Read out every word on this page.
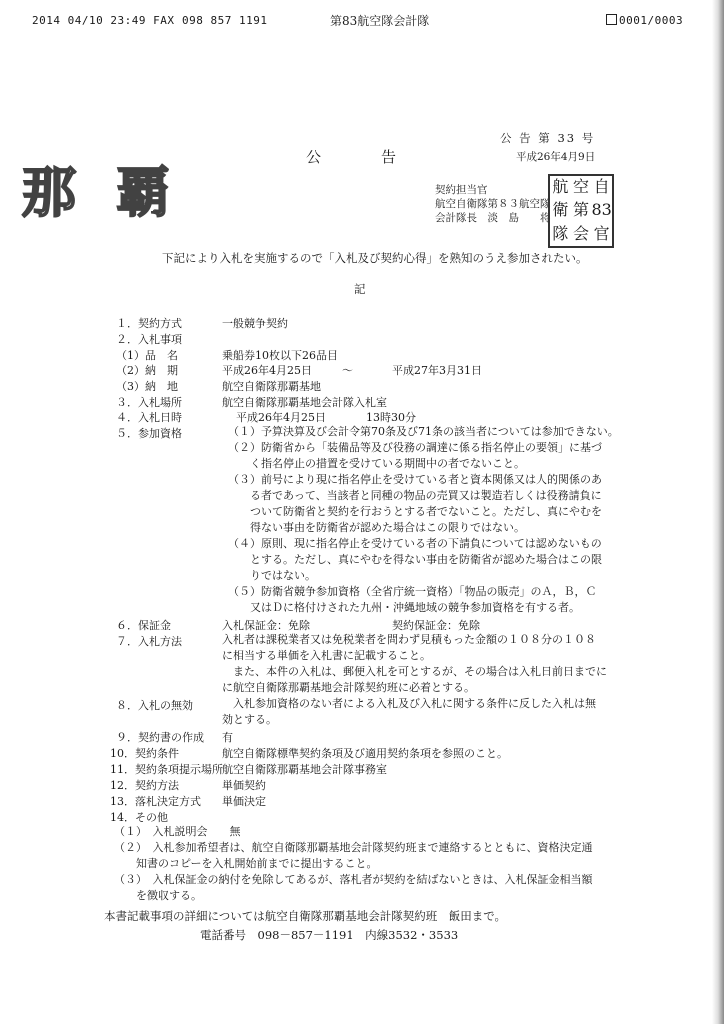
2014 04/10 23:49 FAX 098 857 1191	第83航空隊会計隊	0001/0003
公 告 第 33 号
平成26年4月9日
公　　　　告
那覇	契約担当官
航空自衛隊第８３航空隊
会計隊長　淡　島　　将
航 空 自
衛 第 83
隊 会 官
下記により入札を実施するので「入札及び契約心得」を熟知のうえ参加されたい。
記
１．契約方式	一般競争契約
２．入札事項
（1）品　名	乗船券10枚以下26品目
（2）納　期	平成26年4月25日	～	平成27年3月31日
（3）納　地	航空自衛隊那覇基地
３．入札場所	航空自衛隊那覇基地会計隊入札室
４．入札日時	平成26年4月25日	13時30分
５．参加資格	（１）予算決算及び会計令第70条及び71条の該当者については参加できない。
（２）防衛省から「装備品等及び役務の調達に係る指名停止の要領」に基づ
　　く指名停止の措置を受けている期間中の者でないこと。
（３）前号により現に指名停止を受けている者と資本関係又は人的関係のあ
　　る者であって、当該者と同種の物品の売買又は製造若しくは役務請負に
　　ついて防衛省と契約を行おうとする者でないこと。ただし、真にやむを
　　得ない事由を防衛省が認めた場合はこの限りではない。
（４）原則、現に指名停止を受けている者の下請負については認めないもの
　　とする。ただし、真にやむを得ない事由を防衛省が認めた場合はこの限
　　りではない。
（５）防衛省競争参加資格（全省庁統一資格）「物品の販売」のＡ，Ｂ，Ｃ
　　又はＤに格付けされた九州・沖縄地域の競争参加資格を有する者。
６．保証金	入札保証金：免除	契約保証金：免除
７．入札方法	入札者は課税業者又は免税業者を問わず見積もった金額の１０８分の１０８
に相当する単価を入札書に記載すること。
　また、本件の入札は、郵便入札を可とするが、その場合は入札日前日までに
に航空自衛隊那覇基地会計隊契約班に必着とする。
８．入札の無効	　入札参加資格のない者による入札及び入札に関する条件に反した入札は無
効とする。
９．契約書の作成 有
10．契約条件	航空自衛隊標準契約条項及び適用契約条項を参照のこと。
11．契約条項提示場所 航空自衛隊那覇基地会計隊事務室
12．契約方法	単価契約
13．落札決定方式 単価決定
14．その他
（１）　入札説明会　　無
（２）　入札参加希望者は、航空自衛隊那覇基地会計隊契約班まで連絡するとともに、資格決定通
　　知書のコピーを入札開始前までに提出すること。
（３）　入札保証金の納付を免除してあるが、落札者が契約を結ばないときは、入札保証金相当額
　　を徴収する。
本書記載事項の詳細については航空自衛隊那覇基地会計隊契約班　飯田まで。
電話番号　098－857－1191　内線3532・3533
